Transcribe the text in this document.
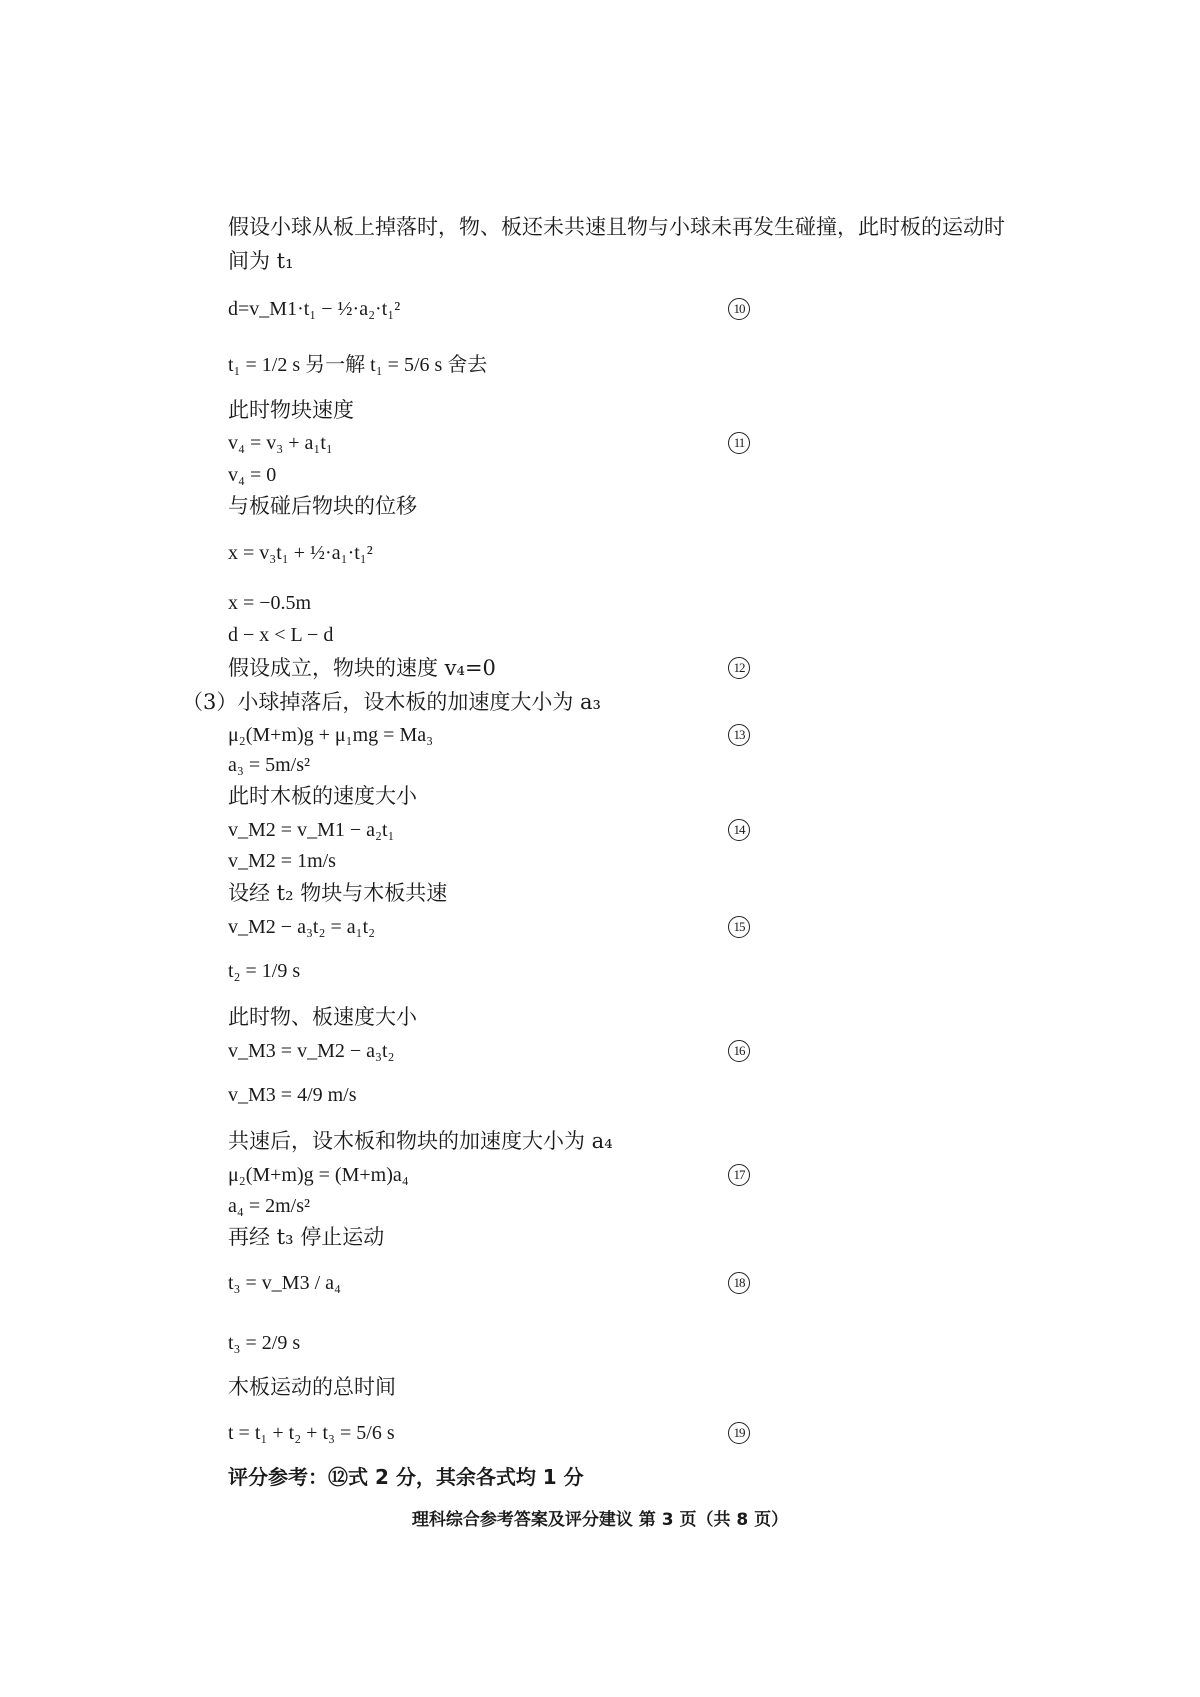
假设小球从板上掉落时，物、板还未共速且物与小球未再发生碰撞，此时板的运动时
间为 t₁
d=v_M1·t₁ − ½·a₂·t₁²	10
t₁ = 1/2 s 另一解 t₁ = 5/6 s 舍去
此时物块速度
v₄ = v₃ + a₁t₁	11
v₄ = 0
与板碰后物块的位移
x = v₃t₁ + ½·a₁·t₁²
x = −0.5m
d − x < L − d
假设成立，物块的速度 v₄=0	12
（3）小球掉落后，设木板的加速度大小为 a₃
μ₂(M+m)g + μ₁mg = Ma₃	13
a₃ = 5m/s²
此时木板的速度大小
v_M2 = v_M1 − a₂t₁	14
v_M2 = 1m/s
设经 t₂ 物块与木板共速
v_M2 − a₃t₂ = a₁t₂	15
t₂ = 1/9 s
此时物、板速度大小
v_M3 = v_M2 − a₃t₂	16
v_M3 = 4/9 m/s
共速后，设木板和物块的加速度大小为 a₄
μ₂(M+m)g = (M+m)a₄	17
a₄ = 2m/s²
再经 t₃ 停止运动
t₃ = v_M3 / a₄	18
t₃ = 2/9 s
木板运动的总时间
t = t₁ + t₂ + t₃ = 5/6 s	19
评分参考：⑫式 2 分，其余各式均 1 分
理科综合参考答案及评分建议 第 3 页（共 8 页）
